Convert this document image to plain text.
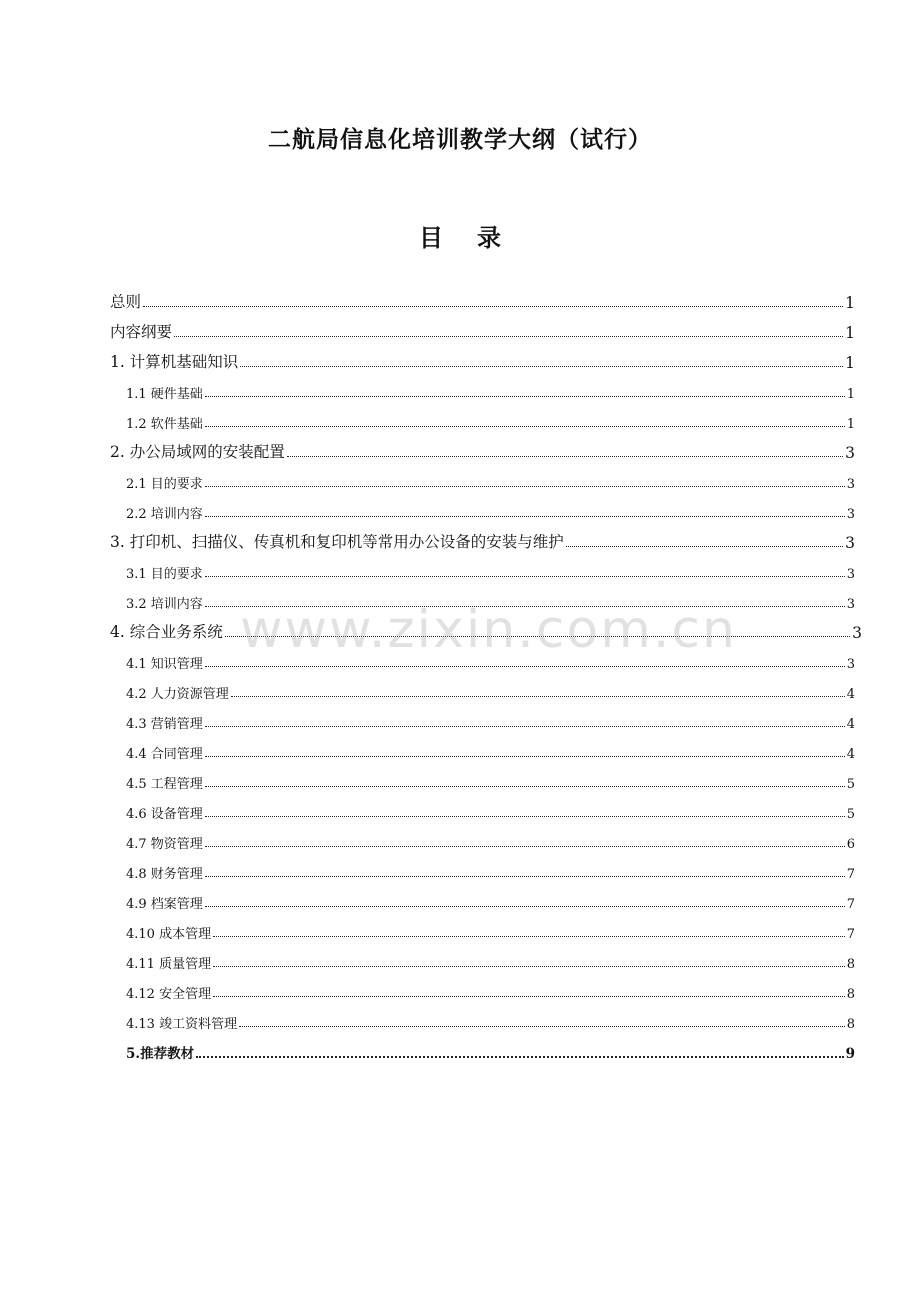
二航局信息化培训教学大纲（试行）
目 录
总则	1
内容纲要	1
1. 计算机基础知识	1
1.1 硬件基础	1
1.2 软件基础	1
2. 办公局域网的安装配置	3
2.1 目的要求	3
2.2 培训内容	3
3. 打印机、扫描仪、传真机和复印机等常用办公设备的安装与维护	3
3.1 目的要求	3
3.2 培训内容	3
4. 综合业务系统	3
4.1 知识管理	3
4.2 人力资源管理	4
4.3 营销管理	4
4.4 合同管理	4
4.5 工程管理	5
4.6 设备管理	5
4.7 物资管理	6
4.8 财务管理	7
4.9 档案管理	7
4.10 成本管理	7
4.11 质量管理	8
4.12 安全管理	8
4.13 竣工资料管理	8
5.推荐教材	9
www.zixin.com.cn
